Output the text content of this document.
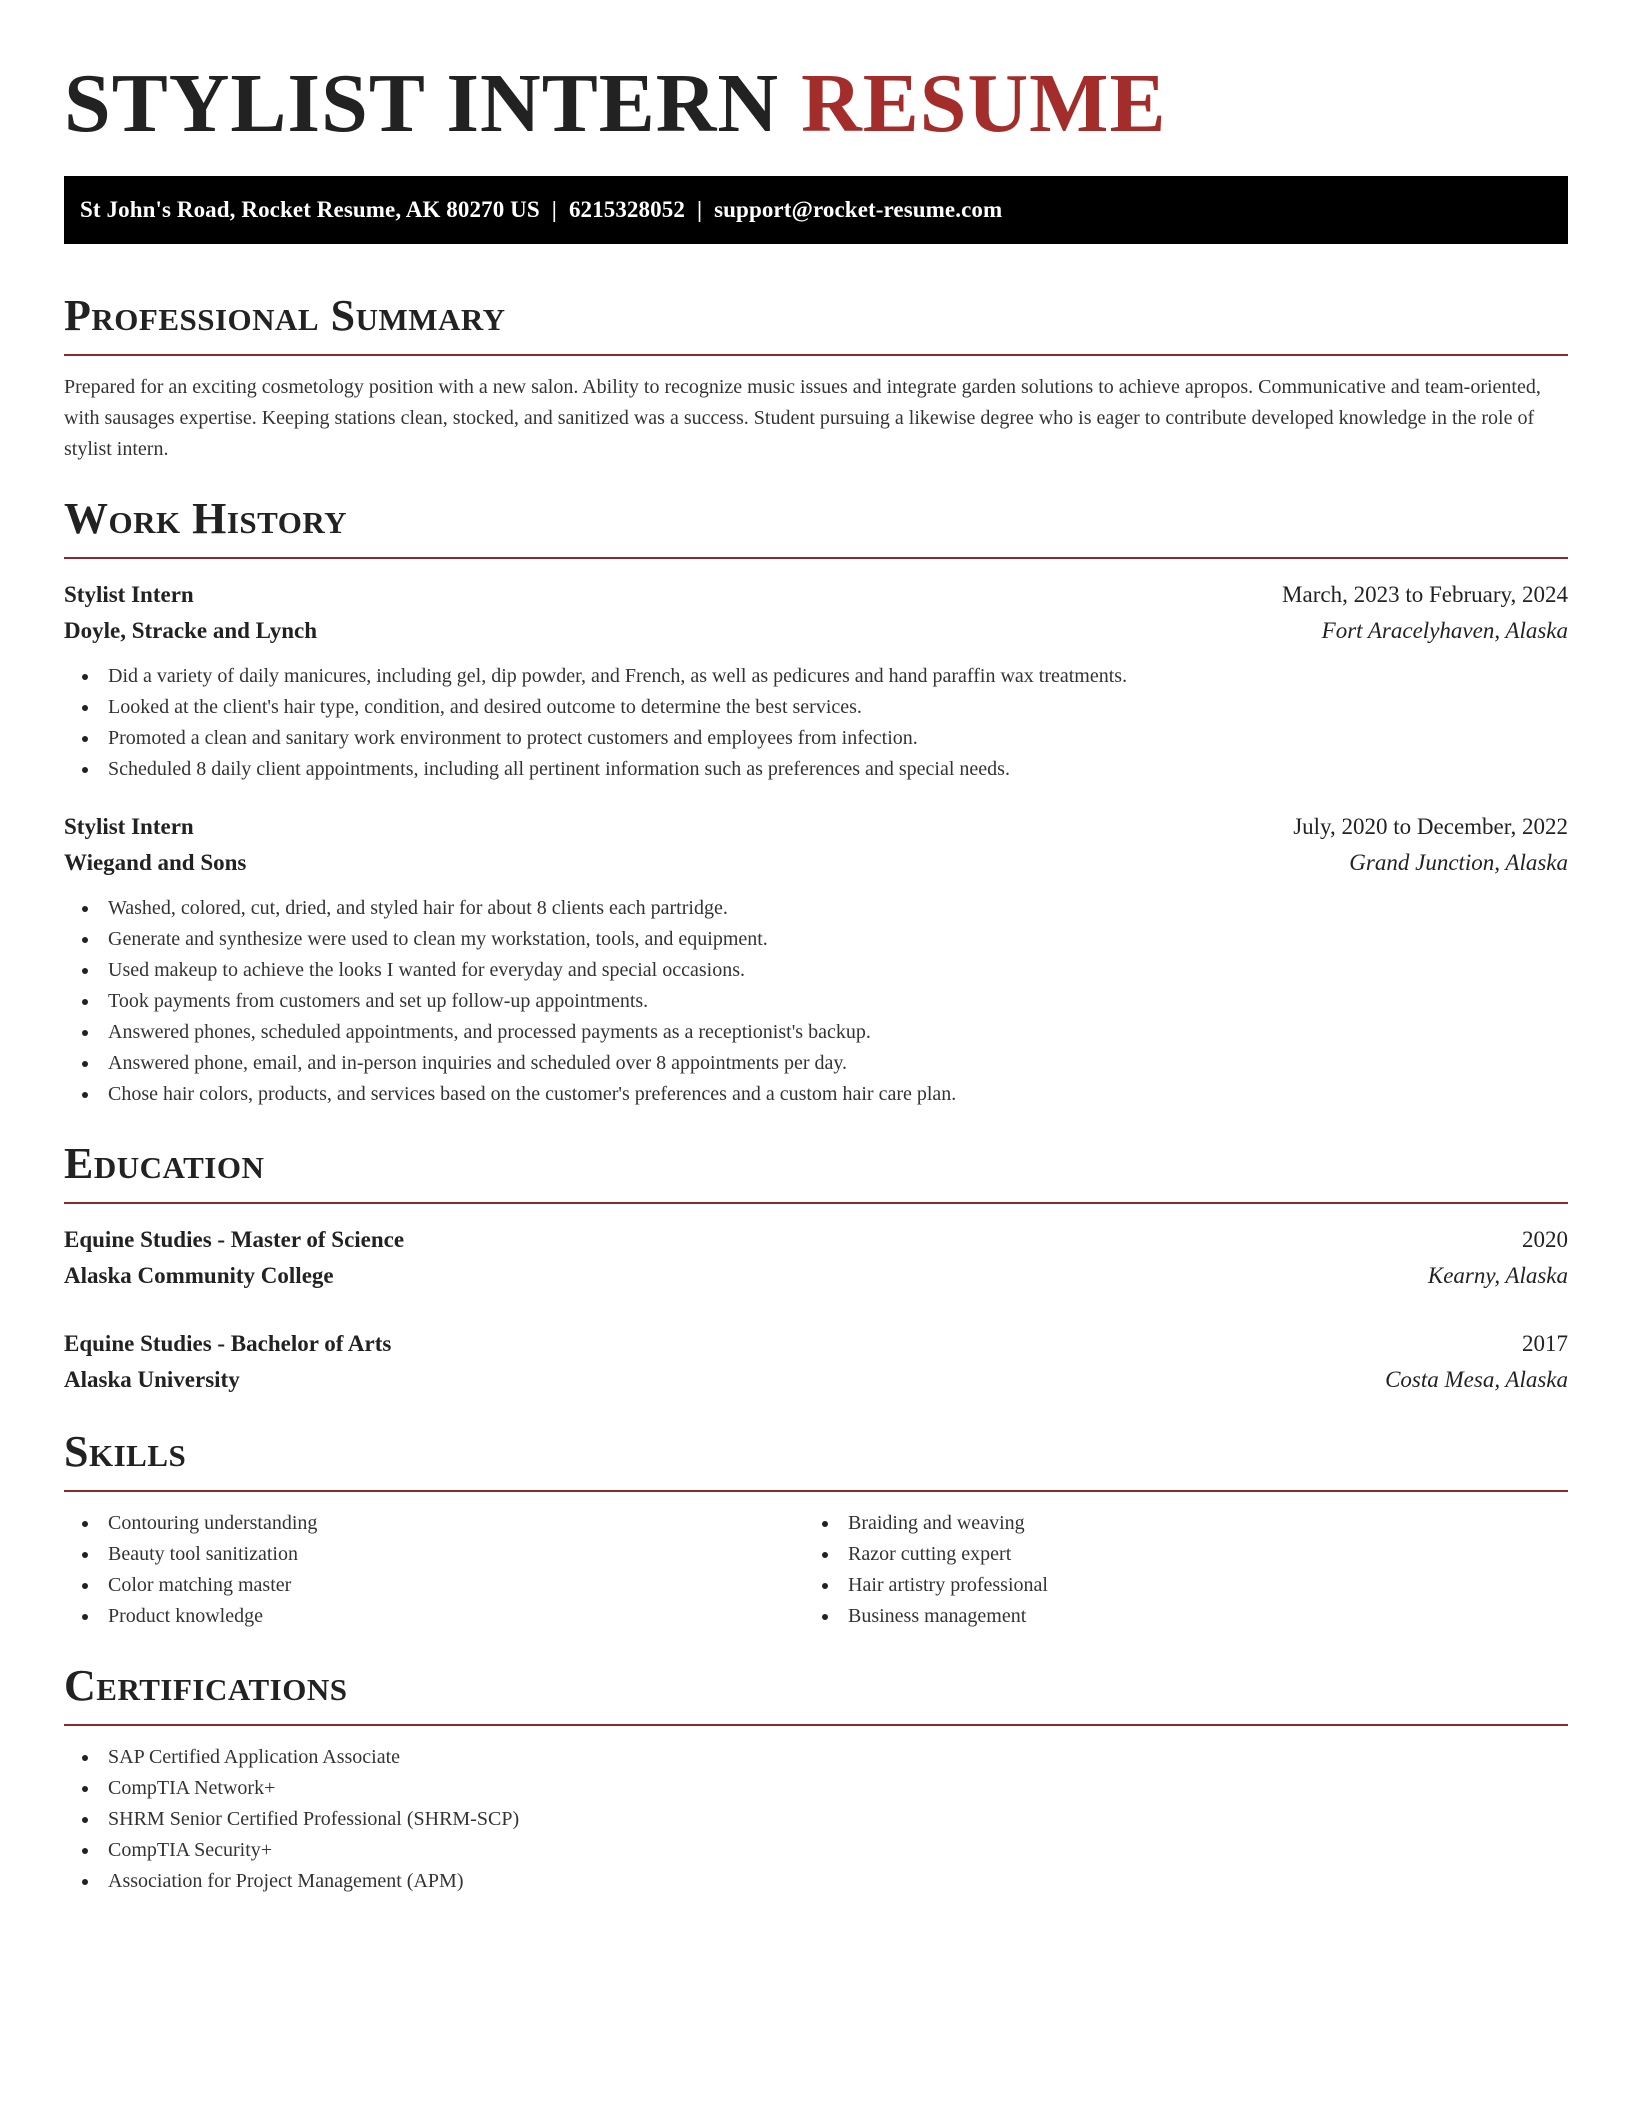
STYLIST INTERN RESUME
St John's Road, Rocket Resume, AK 80270 US | 6215328052 | support@rocket-resume.com
Professional Summary

Prepared for an exciting cosmetology position with a new salon. Ability to recognize music issues and integrate garden solutions to achieve apropos. Communicative and team-oriented, with sausages expertise. Keeping stations clean, stocked, and sanitized was a success. Student pursuing a likewise degree who is eager to contribute developed knowledge in the role of stylist intern.

Work History
Stylist Intern	March, 2023 to February, 2024
Doyle, Stracke and Lynch	Fort Aracelyhaven, Alaska
Did a variety of daily manicures, including gel, dip powder, and French, as well as pedicures and hand paraffin wax treatments.
Looked at the client's hair type, condition, and desired outcome to determine the best services.
Promoted a clean and sanitary work environment to protect customers and employees from infection.
Scheduled 8 daily client appointments, including all pertinent information such as preferences and special needs.
Stylist Intern	July, 2020 to December, 2022
Wiegand and Sons	Grand Junction, Alaska
Washed, colored, cut, dried, and styled hair for about 8 clients each partridge.
Generate and synthesize were used to clean my workstation, tools, and equipment.
Used makeup to achieve the looks I wanted for everyday and special occasions.
Took payments from customers and set up follow-up appointments.
Answered phones, scheduled appointments, and processed payments as a receptionist's backup.
Answered phone, email, and in-person inquiries and scheduled over 8 appointments per day.
Chose hair colors, products, and services based on the customer's preferences and a custom hair care plan.
Education
Equine Studies - Master of Science	2020
Alaska Community College	Kearny, Alaska
Equine Studies - Bachelor of Arts	2017
Alaska University	Costa Mesa, Alaska
Skills
Contouring understanding
Beauty tool sanitization
Color matching master
Product knowledge
Braiding and weaving
Razor cutting expert
Hair artistry professional
Business management
Certifications
SAP Certified Application Associate
CompTIA Network+
SHRM Senior Certified Professional (SHRM-SCP)
CompTIA Security+
Association for Project Management (APM)
